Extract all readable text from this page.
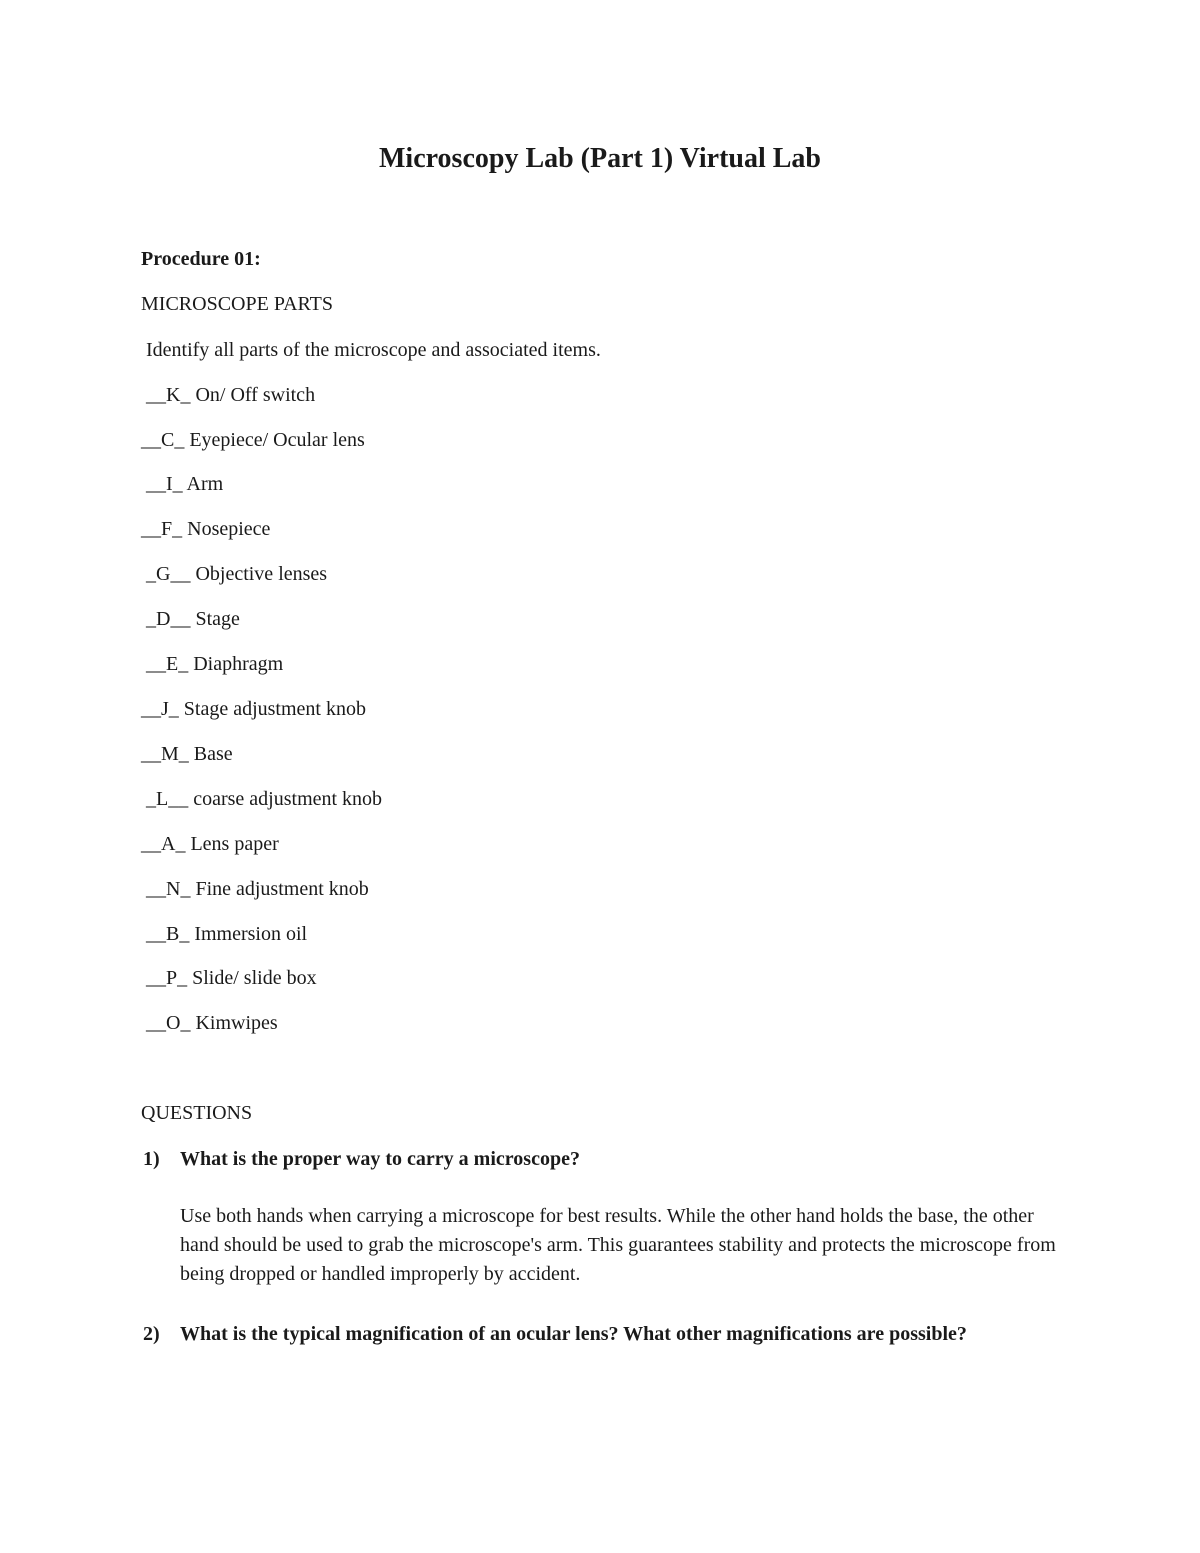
Microscopy Lab (Part 1) Virtual Lab
Procedure 01:
MICROSCOPE PARTS
Identify all parts of the microscope and associated items.
__K_ On/ Off switch
__C_ Eyepiece/ Ocular lens
__I_ Arm
__F_ Nosepiece
_G__ Objective lenses
_D__ Stage
__E_ Diaphragm
__J_ Stage adjustment knob
__M_ Base
_L__ coarse adjustment knob
__A_ Lens paper
__N_ Fine adjustment knob
__B_ Immersion oil
__P_ Slide/ slide box
__O_ Kimwipes
QUESTIONS
1) What is the proper way to carry a microscope?
Use both hands when carrying a microscope for best results. While the other hand holds the base, the other hand should be used to grab the microscope's arm. This guarantees stability and protects the microscope from being dropped or handled improperly by accident.
2) What is the typical magnification of an ocular lens? What other magnifications are possible?
